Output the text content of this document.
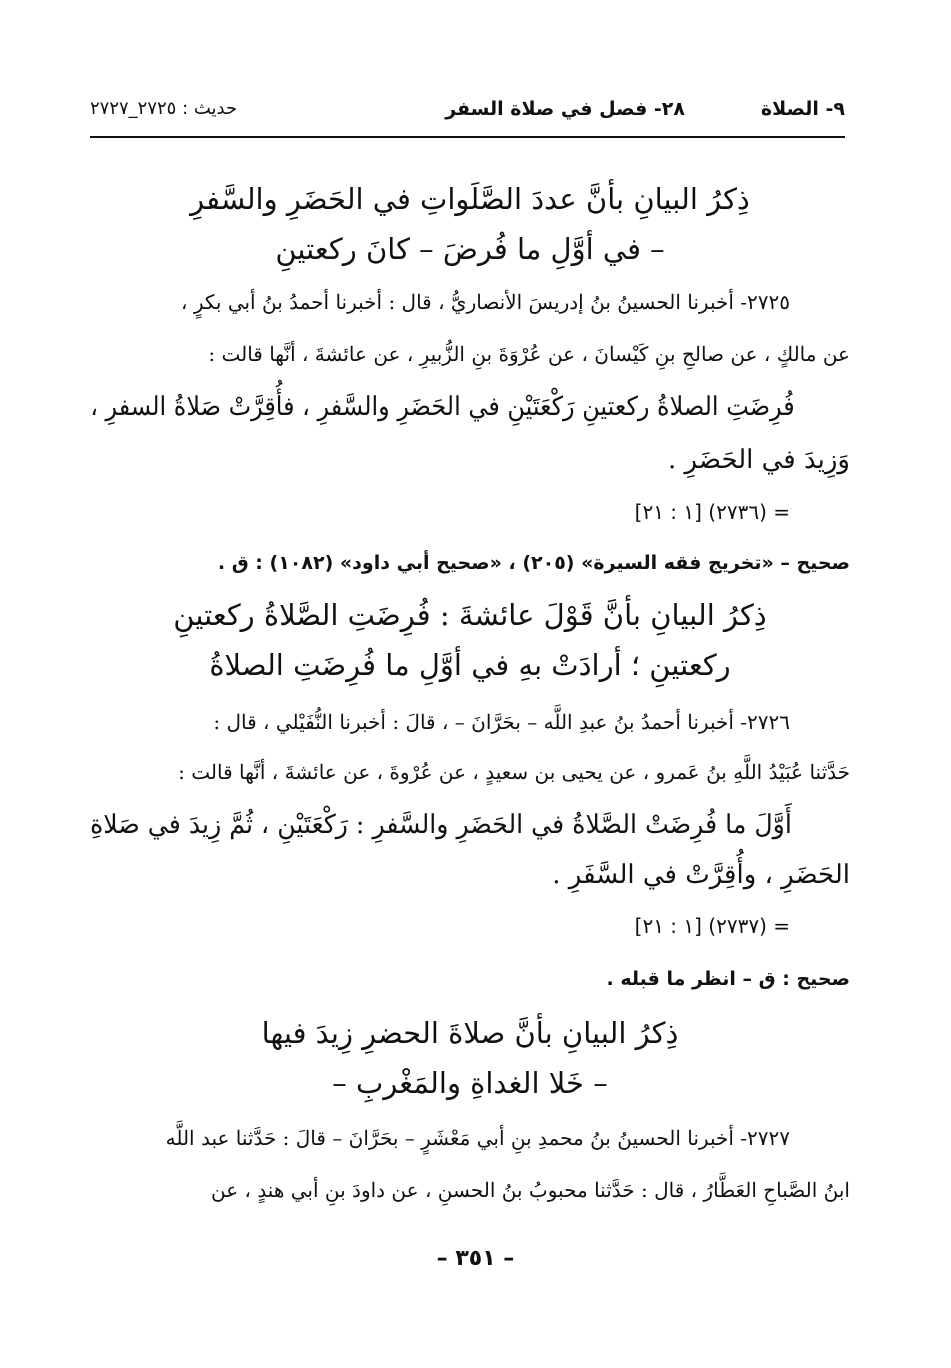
٩- الصلاة
٢٨- فصل في صلاة السفر
حديث : ٢٧٢٥_٢٧٢٧
ذِكرُ البيانِ بأنَّ عددَ الصَّلَواتِ في الحَضَرِ والسَّفرِ
– في أوَّلِ ما فُرضَ – كانَ ركعتينِ
٢٧٢٥- أخبرنا الحسينُ بنُ إدريسَ الأنصاريُّ ، قال : أخبرنا أحمدُ بنُ أبي بكرٍ ،
عن مالكٍ ، عن صالحِ بنِ كَيْسانَ ، عن عُرْوَةَ بنِ الزُّبيرِ ، عن عائشةَ ، أنَّها قالت :
فُرِضَتِ الصلاةُ ركعتينِ رَكْعَتَيْنِ في الحَضَرِ والسَّفرِ ، فأُقِرَّتْ صَلاةُ السفرِ ،
وَزِيدَ في الحَضَرِ .
= (٢٧٣٦) [١ : ٢١]
صحيح – «تخريج فقه السيرة» (٢٠٥) ، «صحيح أبي داود» (١٠٨٢) : ق .
ذِكرُ البيانِ بأنَّ قَوْلَ عائشةَ : فُرِضَتِ الصَّلاةُ ركعتينِ
ركعتينِ ؛ أرادَتْ بهِ في أوَّلِ ما فُرِضَتِ الصلاةُ
٢٧٢٦- أخبرنا أحمدُ بنُ عبدِ اللَّه – بحَرَّانَ – ، قالَ : أخبرنا النُّفَيْلي ، قال :
حَدَّثنا عُبَيْدُ اللَّهِ بنُ عَمرو ، عن يحيى بن سعيدٍ ، عن عُرْوةَ ، عن عائشةَ ، أنَّها قالت :
أَوَّلَ ما فُرِضَتْ الصَّلاةُ في الحَضَرِ والسَّفرِ : رَكْعَتَيْنِ ، ثُمَّ زِيدَ في صَلاةِ
الحَضَرِ ، وأُقِرَّتْ في السَّفَرِ .
= (٢٧٣٧) [١ : ٢١]
صحيح : ق – انظر ما قبله .
ذِكرُ البيانِ بأنَّ صلاةَ الحضرِ زِيدَ فيها
– خَلا الغداةِ والمَغْربِ –
٢٧٢٧- أخبرنا الحسينُ بنُ محمدِ بنِ أبي مَعْشَرٍ – بحَرَّانَ – قالَ : حَدَّثنا عبد اللَّه
ابنُ الصَّباحِ العَطَّارُ ، قال : حَدَّثنا محبوبُ بنُ الحسنِ ، عن داودَ بنِ أبي هندٍ ، عن
– ٣٥١ –
